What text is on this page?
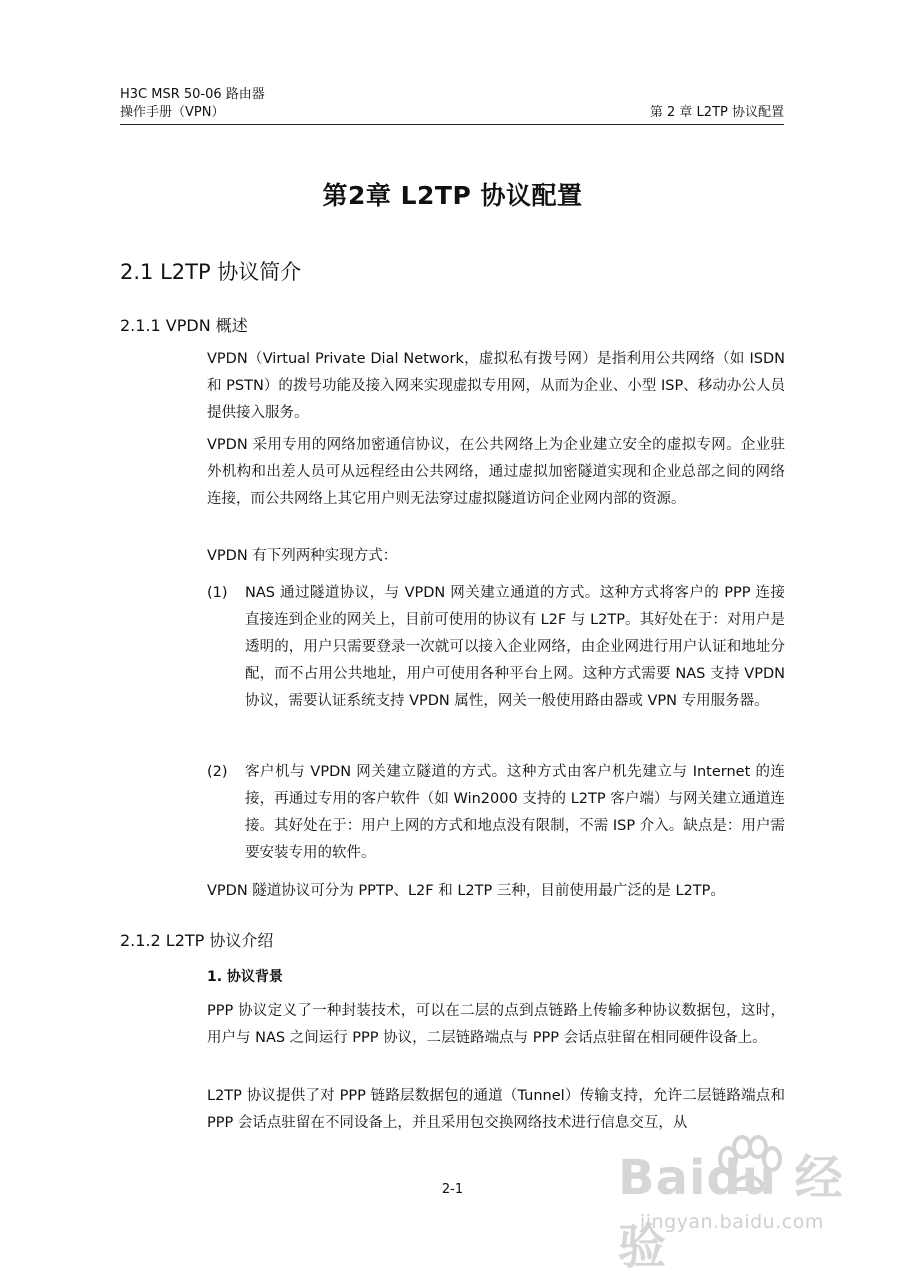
H3C MSR 50-06 路由器
操作手册（VPN）	第 2 章 L2TP 协议配置
第2章 L2TP 协议配置
2.1 L2TP 协议简介
2.1.1 VPDN 概述
VPDN（Virtual Private Dial Network，虚拟私有拨号网）是指利用公共网络（如 ISDN 和 PSTN）的拨号功能及接入网来实现虚拟专用网，从而为企业、小型 ISP、移动办公人员提供接入服务。
VPDN 采用专用的网络加密通信协议，在公共网络上为企业建立安全的虚拟专网。企业驻外机构和出差人员可从远程经由公共网络，通过虚拟加密隧道实现和企业总部之间的网络连接，而公共网络上其它用户则无法穿过虚拟隧道访问企业网内部的资源。
VPDN 有下列两种实现方式：
(1)	NAS 通过隧道协议，与 VPDN 网关建立通道的方式。这种方式将客户的 PPP 连接直接连到企业的网关上，目前可使用的协议有 L2F 与 L2TP。其好处在于：对用户是透明的，用户只需要登录一次就可以接入企业网络，由企业网进行用户认证和地址分配，而不占用公共地址，用户可使用各种平台上网。这种方式需要 NAS 支持 VPDN 协议，需要认证系统支持 VPDN 属性，网关一般使用路由器或 VPN 专用服务器。
(2)	客户机与 VPDN 网关建立隧道的方式。这种方式由客户机先建立与 Internet 的连接，再通过专用的客户软件（如 Win2000 支持的 L2TP 客户端）与网关建立通道连接。其好处在于：用户上网的方式和地点没有限制，不需 ISP 介入。缺点是：用户需要安装专用的软件。
VPDN 隧道协议可分为 PPTP、L2F 和 L2TP 三种，目前使用最广泛的是 L2TP。
2.1.2 L2TP 协议介绍
1. 协议背景
PPP 协议定义了一种封装技术，可以在二层的点到点链路上传输多种协议数据包，这时，用户与 NAS 之间运行 PPP 协议，二层链路端点与 PPP 会话点驻留在相同硬件设备上。
L2TP 协议提供了对 PPP 链路层数据包的通道（Tunnel）传输支持，允许二层链路端点和 PPP 会话点驻留在不同设备上，并且采用包交换网络技术进行信息交互，从
2-1	Baidu 经验
jingyan.baidu.com
